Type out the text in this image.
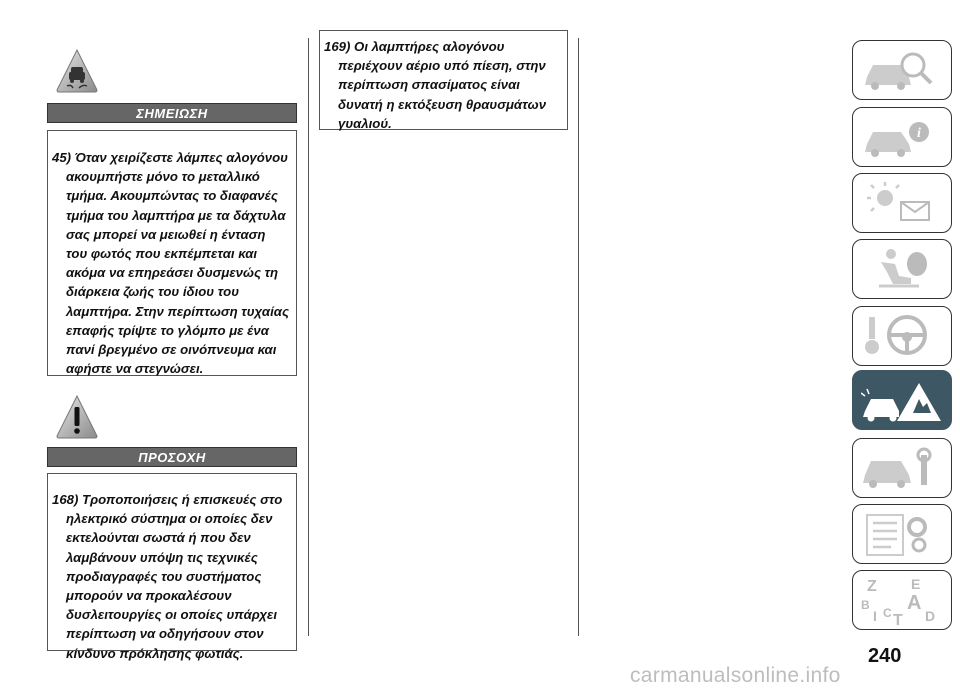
ΣΗΜΕΙΩΣΗ
45) Όταν χειρίζεστε λάμπες αλογόνου ακουμπήστε μόνο το μεταλλικό τμήμα. Ακουμπώντας το διαφανές τμήμα του λαμπτήρα με τα δάχτυλα σας μπορεί να μειωθεί η ένταση του φωτός που εκπέμπεται και ακόμα να επηρεάσει δυσμενώς τη διάρκεια ζωής του ίδιου του λαμπτήρα. Στην περίπτωση τυχαίας επαφής τρίψτε το γλόμπο με ένα πανί βρεγμένο σε οινόπνευμα και αφήστε να στεγνώσει.
ΠΡΟΣΟΧΗ
168) Τροποποιήσεις ή επισκευές στο ηλεκτρικό σύστημα οι οποίες δεν εκτελούνται σωστά ή που δεν λαμβάνουν υπόψη τις τεχνικές προδιαγραφές του συστήματος μπορούν να προκαλέσουν δυσλειτουργίες οι οποίες υπάρχει περίπτωση να οδηγήσουν στον κίνδυνο πρόκλησης φωτιάς.
169) Οι λαμπτήρες αλογόνου περιέχουν αέριο υπό πίεση, στην περίπτωση σπασίματος είναι δυνατή η εκτόξευση θραυσμάτων γυαλιού.
i
Z E
B A
I C T D
240
carmanualsonline.info
